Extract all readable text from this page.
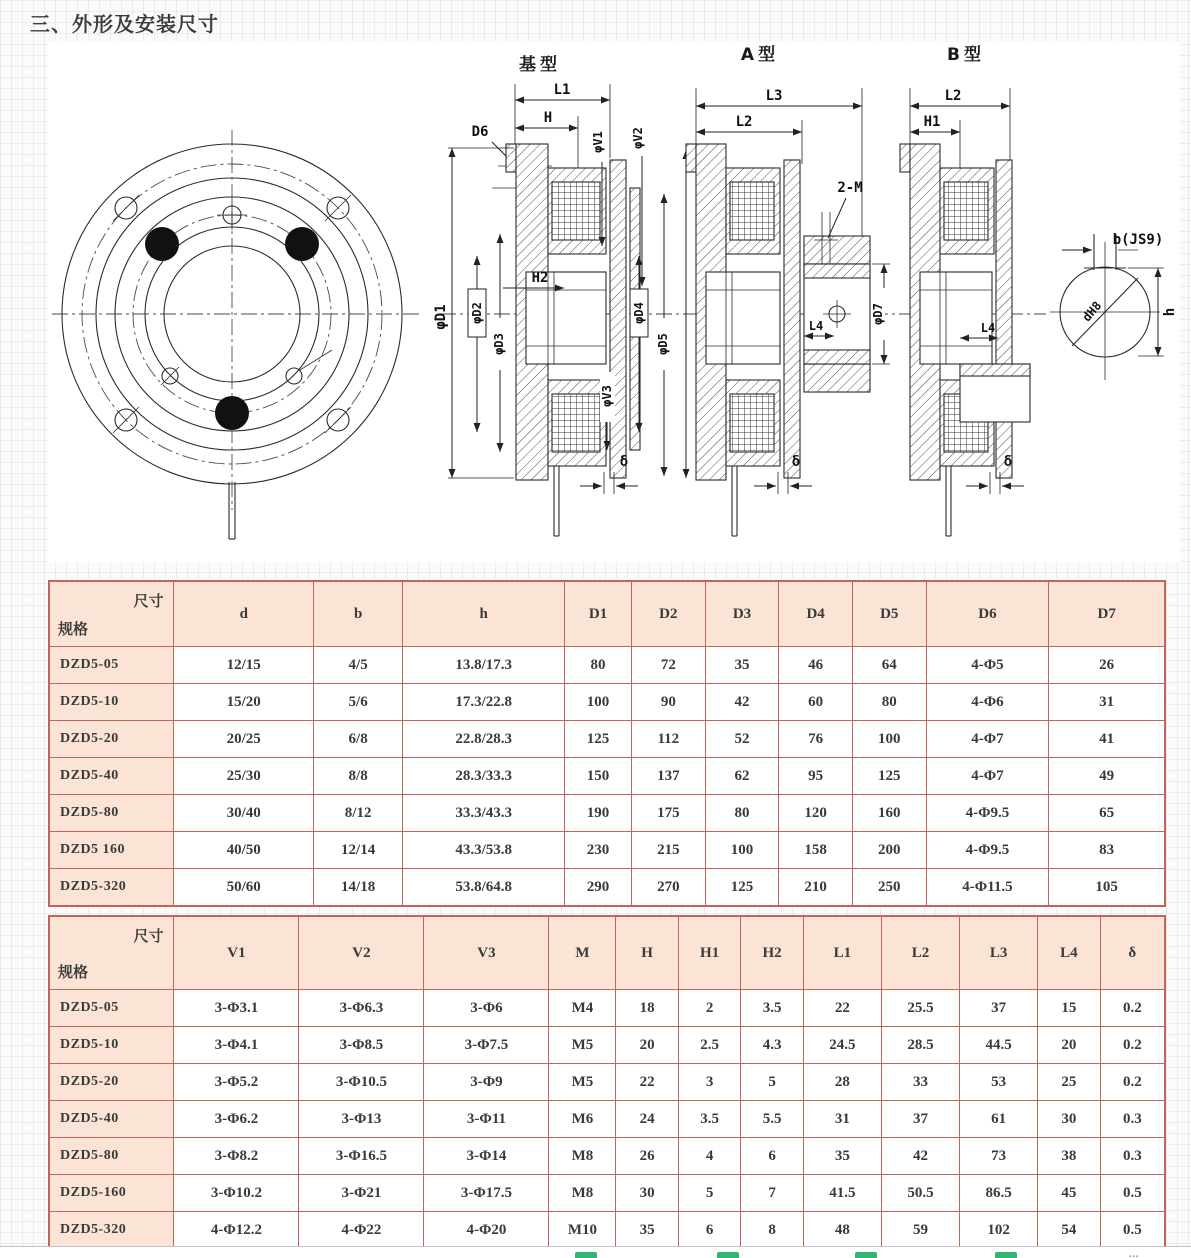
三、外形及安装尺寸
基型
L1
H
D6	φV1 φV2
H2
φD1 φD2
φD3
φD4
φD5
φV3
δ
A型
L3
L2
2-M
L4
φD7
δ
B型
L2
H1
L4
δ
b(JS9)
dH8	h
尺寸
规格	d	b	h	D1	D2	D3	D4	D5	D6	D7
DZD5-05	12/15	4/5	13.8/17.3	80	72	35	46	64	4-Φ5	26
DZD5-10	15/20	5/6	17.3/22.8	100	90	42	60	80	4-Φ6	31
DZD5-20	20/25	6/8	22.8/28.3	125	112	52	76	100	4-Φ7	41
DZD5-40	25/30	8/8	28.3/33.3	150	137	62	95	125	4-Φ7	49
DZD5-80	30/40	8/12	33.3/43.3	190	175	80	120	160	4-Φ9.5	65
DZD5 160	40/50	12/14	43.3/53.8	230	215	100	158	200	4-Φ9.5	83
DZD5-320	50/60	14/18	53.8/64.8	290	270	125	210	250	4-Φ11.5	105
尺寸
规格	V1	V2	V3	M	H	H1	H2	L1	L2	L3	L4	δ
DZD5-05	3-Φ3.1	3-Φ6.3	3-Φ6	M4	18	2	3.5	22	25.5	37	15	0.2
DZD5-10	3-Φ4.1	3-Φ8.5	3-Φ7.5	M5	20	2.5	4.3	24.5	28.5	44.5	20	0.2
DZD5-20	3-Φ5.2	3-Φ10.5	3-Φ9	M5	22	3	5	28	33	53	25	0.2
DZD5-40	3-Φ6.2	3-Φ13	3-Φ11	M6	24	3.5	5.5	31	37	61	30	0.3
DZD5-80	3-Φ8.2	3-Φ16.5	3-Φ14	M8	26	4	6	35	42	73	38	0.3
DZD5-160	3-Φ10.2	3-Φ21	3-Φ17.5	M8	30	5	7	41.5	50.5	86.5	45	0.5
DZD5-320	4-Φ12.2	4-Φ22	4-Φ20	M10	35	6	8	48	59	102	54	0.5
…
